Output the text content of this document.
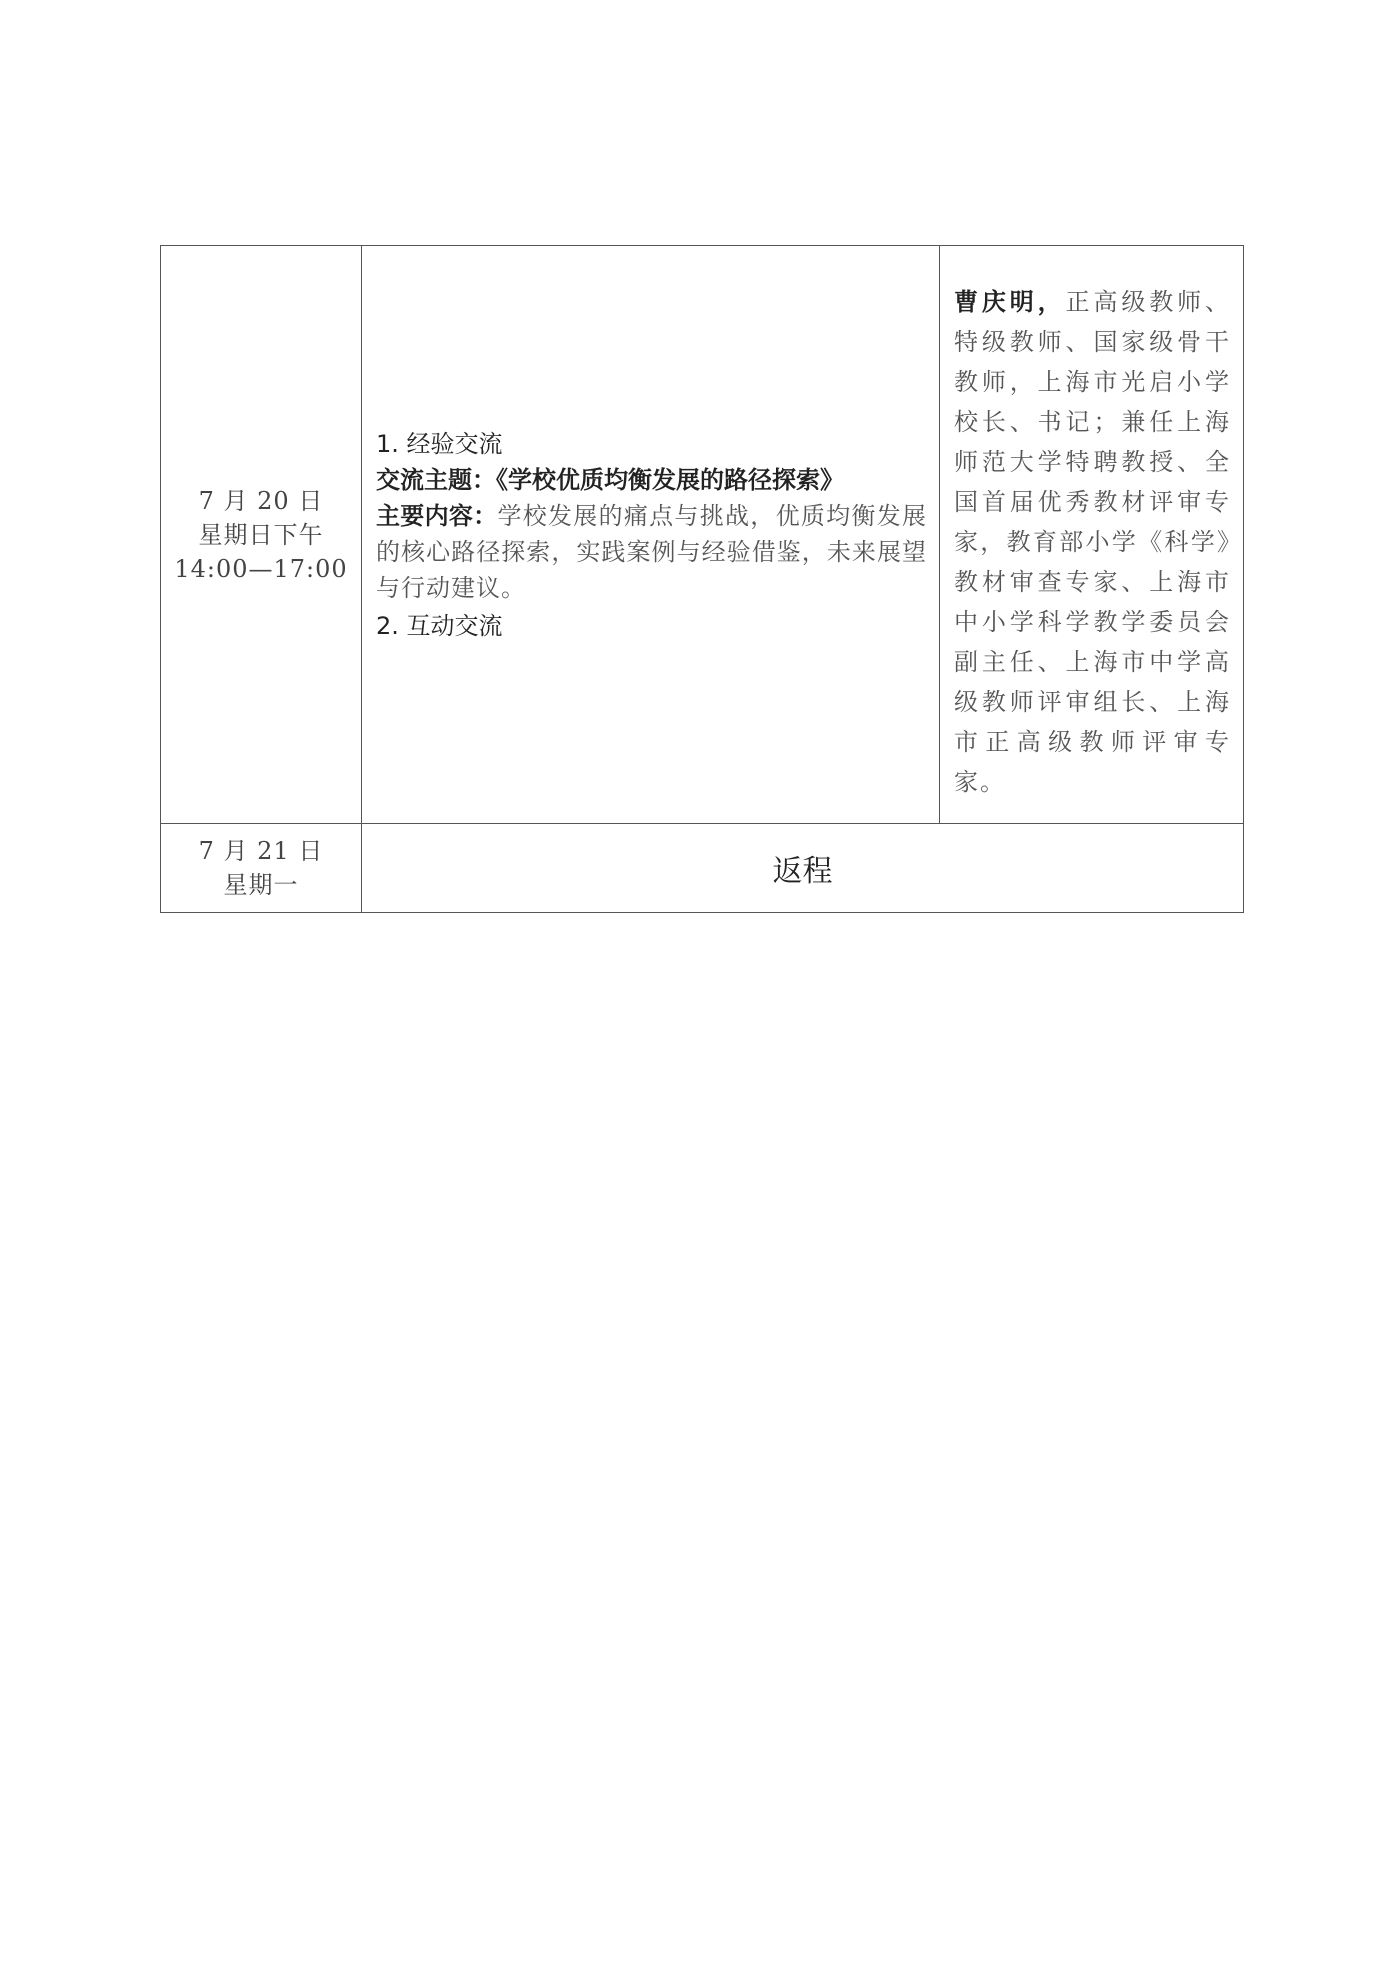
7 月 20 日
星期日下午
14:00—17:00	1. 经验交流
交流主题：《学校优质均衡发展的路径探索》
主要内容：学校发展的痛点与挑战，优质均衡发展的核心路径探索，实践案例与经验借鉴，未来展望与行动建议。
2. 互动交流	曹庆明，正高级教师、特级教师、国家级骨干教师，上海市光启小学校长、书记；兼任上海师范大学特聘教授、全国首届优秀教材评审专家，教育部小学《科学》教材审查专家、上海市中小学科学教学委员会副主任、上海市中学高级教师评审组长、上海市正高级教师评审专家。

7 月 21 日
星期一	返程	
